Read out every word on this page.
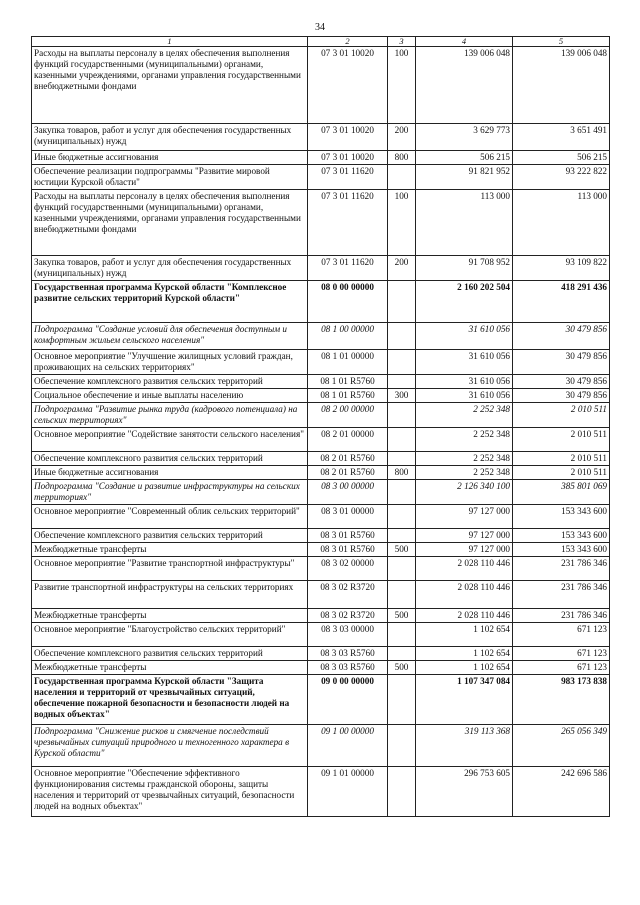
34
1	2	3	4	5
Расходы на выплаты персоналу в целях обеспечения выполнения функций государственными (муниципальными) органами, казенными учреждениями, органами управления государственными внебюджетными фондами	07 3 01 10020	100	139 006 048	139 006 048
Закупка товаров, работ и услуг для обеспечения государственных (муниципальных) нужд	07 3 01 10020	200	3 629 773	3 651 491
Иные бюджетные ассигнования	07 3 01 10020	800	506 215	506 215
Обеспечение реализации подпрограммы "Развитие мировой юстиции Курской области"	07 3 01 11620		91 821 952	93 222 822
Расходы на выплаты персоналу в целях обеспечения выполнения функций государственными (муниципальными) органами, казенными учреждениями, органами управления государственными внебюджетными фондами	07 3 01 11620	100	113 000	113 000
Закупка товаров, работ и услуг для обеспечения государственных (муниципальных) нужд	07 3 01 11620	200	91 708 952	93 109 822
Государственная программа Курской области "Комплексное развитие сельских территорий Курской области"	08 0 00 00000		2 160 202 504	418 291 436
Подпрограмма "Создание условий для обеспечения доступным и комфортным жильем сельского населения"	08 1 00 00000		31 610 056	30 479 856
Основное мероприятие "Улучшение жилищных условий граждан, проживающих на сельских территориях"	08 1 01 00000		31 610 056	30 479 856
Обеспечение комплексного развития сельских территорий	08 1 01 R5760		31 610 056	30 479 856
Социальное обеспечение и иные выплаты населению	08 1 01 R5760	300	31 610 056	30 479 856
Подпрограмма "Развитие рынка труда (кадрового потенциала) на сельских территориях"	08 2 00 00000		2 252 348	2 010 511
Основное мероприятие "Содействие занятости сельского населения"	08 2 01 00000		2 252 348	2 010 511
Обеспечение комплексного развития сельских территорий	08 2 01 R5760		2 252 348	2 010 511
Иные бюджетные ассигнования	08 2 01 R5760	800	2 252 348	2 010 511
Подпрограмма "Создание и развитие инфраструктуры на сельских территориях"	08 3 00 00000		2 126 340 100	385 801 069
Основное мероприятие "Современный облик сельских территорий"	08 3 01 00000		97 127 000	153 343 600
Обеспечение комплексного развития сельских территорий	08 3 01 R5760		97 127 000	153 343 600
Межбюджетные трансферты	08 3 01 R5760	500	97 127 000	153 343 600
Основное мероприятие "Развитие транспортной инфраструктуры"	08 3 02 00000		2 028 110 446	231 786 346
Развитие транспортной инфраструктуры на сельских территориях	08 3 02 R3720		2 028 110 446	231 786 346
Межбюджетные трансферты	08 3 02 R3720	500	2 028 110 446	231 786 346
Основное мероприятие "Благоустройство сельских территорий"	08 3 03 00000		1 102 654	671 123
Обеспечение комплексного развития сельских территорий	08 3 03 R5760		1 102 654	671 123
Межбюджетные трансферты	08 3 03 R5760	500	1 102 654	671 123
Государственная программа Курской области "Защита населения и территорий от чрезвычайных ситуаций, обеспечение пожарной безопасности и безопасности людей на водных объектах"	09 0 00 00000		1 107 347 084	983 173 838
Подпрограмма "Снижение рисков и смягчение последствий чрезвычайных ситуаций природного и техногенного характера в Курской области"	09 1 00 00000		319 113 368	265 056 349
Основное мероприятие "Обеспечение эффективного функционирования системы гражданской обороны, защиты населения и территорий от чрезвычайных ситуаций, безопасности людей на водных объектах"	09 1 01 00000		296 753 605	242 696 586
